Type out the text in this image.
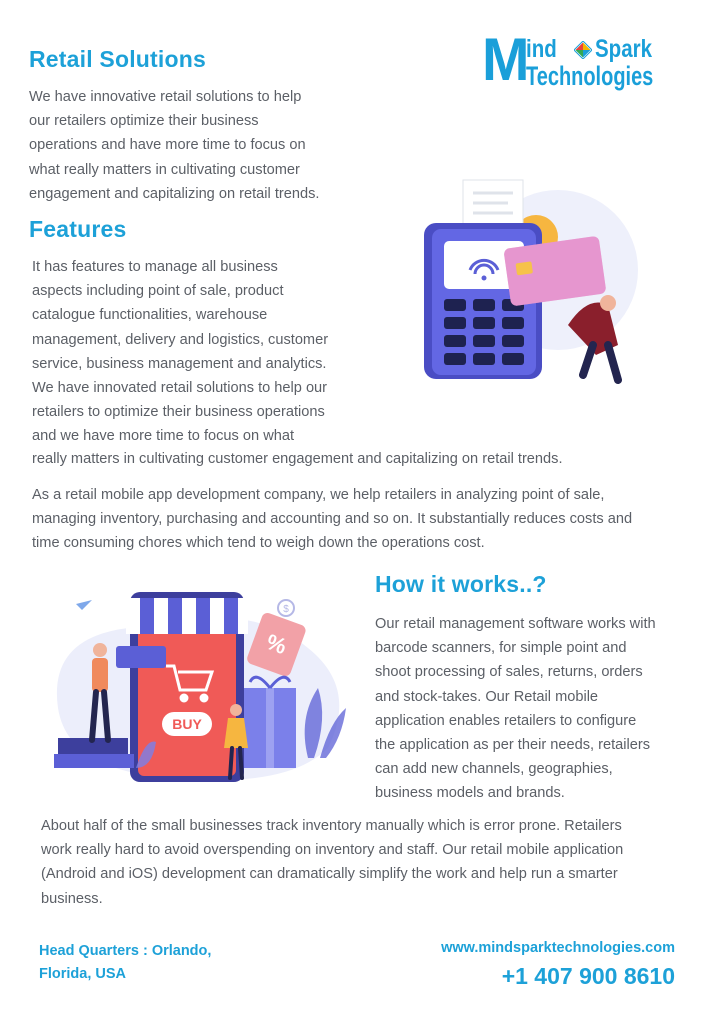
M
ind Spark
Technologies
Retail Solutions
We have innovative retail solutions to help
our retailers optimize their business
operations and have more time to focus on
what really matters in cultivating customer
engagement and capitalizing on retail trends.
Features
It has features to manage all business
aspects including point of sale, product
catalogue functionalities, warehouse
management, delivery and logistics, customer
service, business management and analytics.
We have innovated retail solutions to help our
retailers to optimize their business operations
and we have more time to focus on what
really matters in cultivating customer engagement and capitalizing on retail trends.
As a retail mobile app development company, we help retailers in analyzing point of sale,
managing inventory, purchasing and accounting and so on. It substantially reduces costs and
time consuming chores which tend to weigh down the operations cost.
BUY
%
$
How it works..?
Our retail management software works with
barcode scanners, for simple point and
shoot processing of sales, returns, orders
and stock-takes. Our Retail mobile
application enables retailers to configure
the application as per their needs, retailers
can add new channels, geographies,
business models and brands.
About half of the small businesses track inventory manually which is error prone. Retailers
work really hard to avoid overspending on inventory and staff. Our retail mobile application
(Android and iOS) development can dramatically simplify the work and help run a smarter
business.
Head Quarters : Orlando,
Florida, USA
www.mindsparktechnologies.com
+1 407 900 8610
